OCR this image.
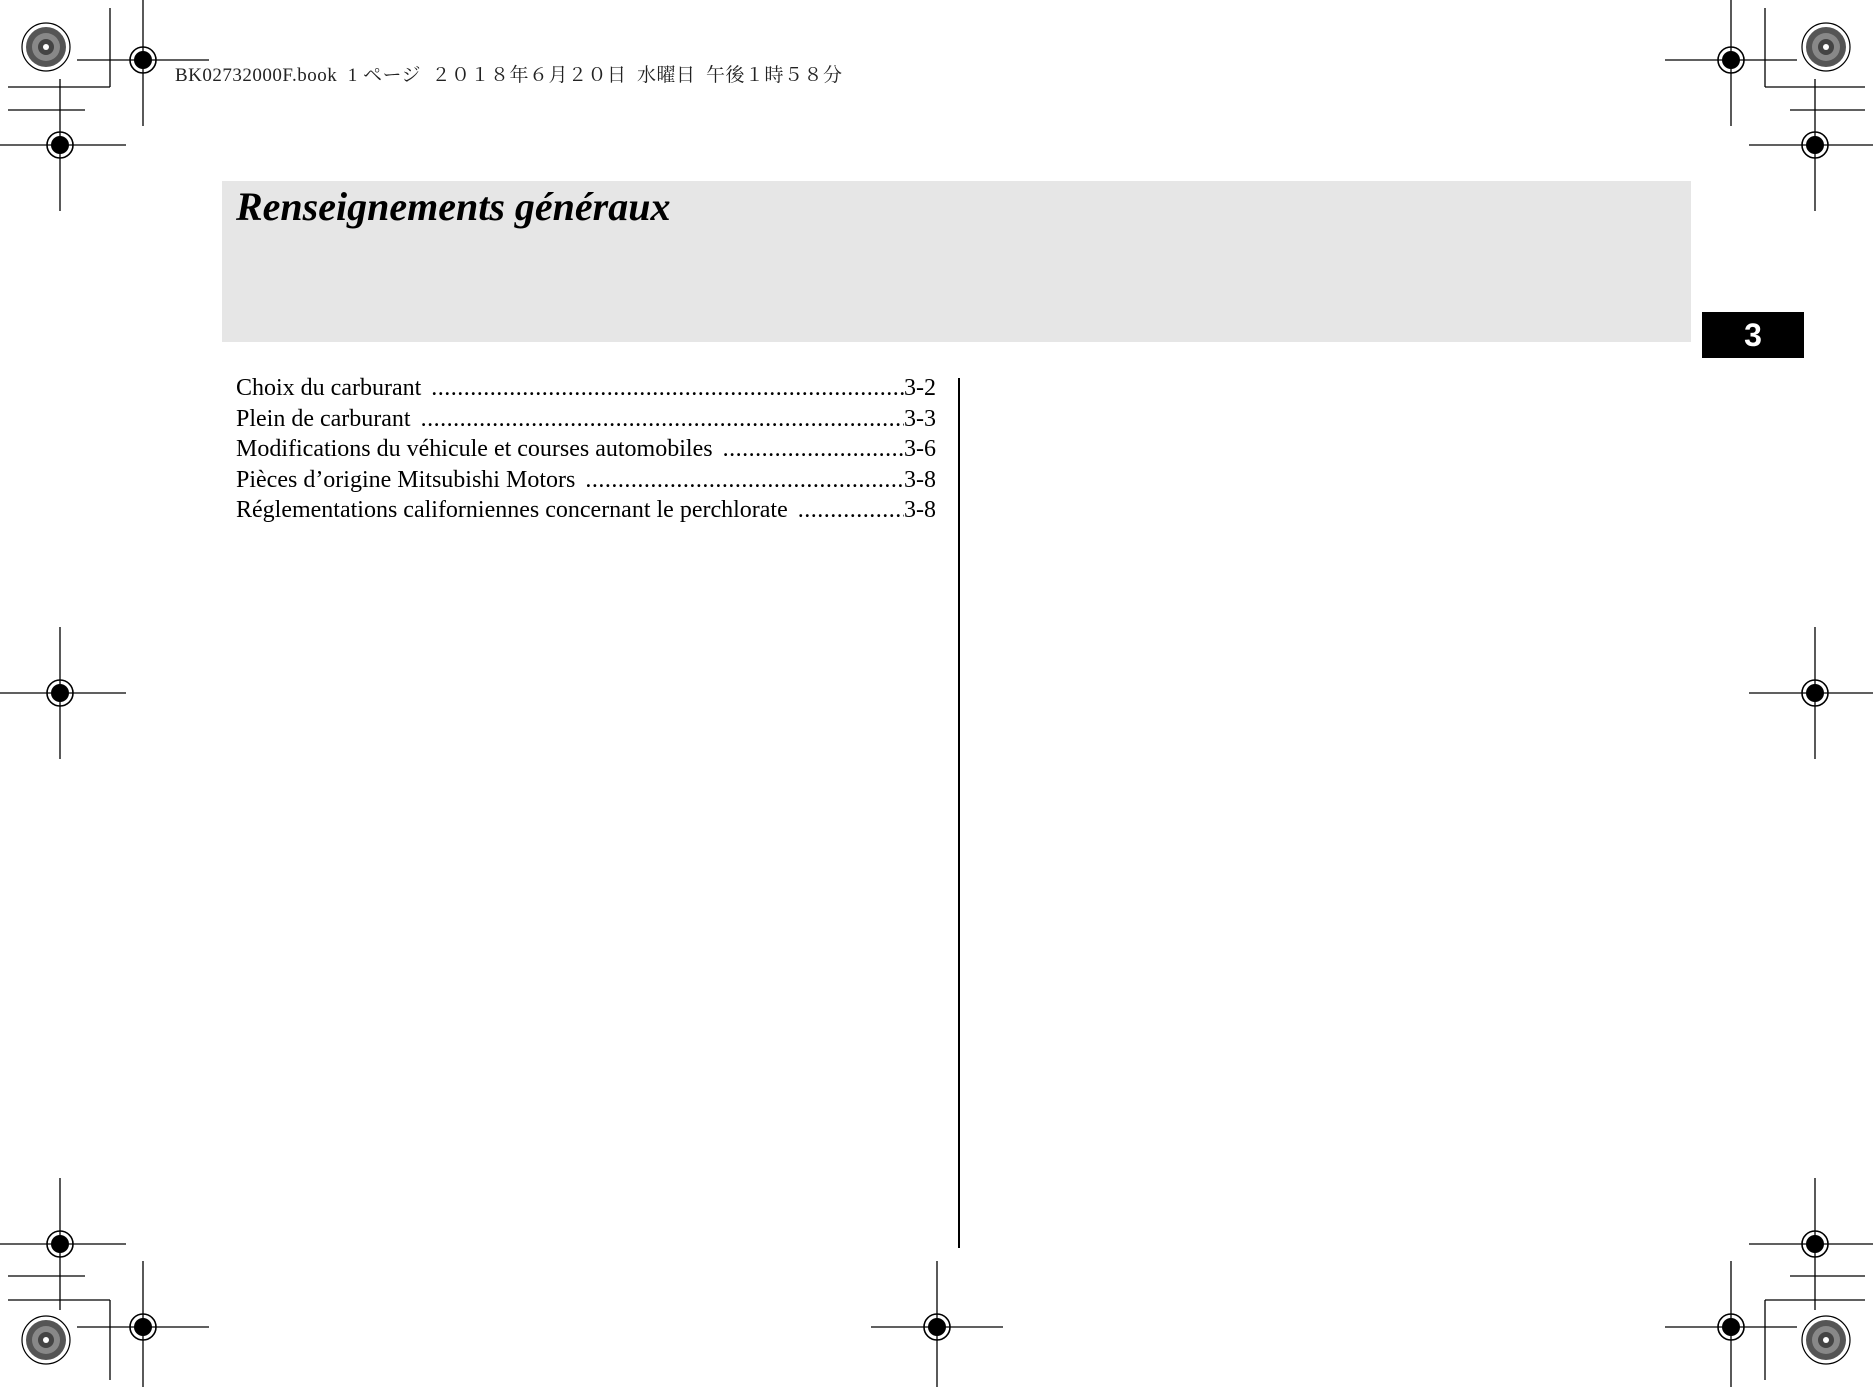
BK02732000F.book  1 ページ  ２０１８年６月２０日  水曜日  午後１時５８分
Renseignements généraux
3
Choix du carburant .....	3-2
Plein de carburant .....	3-3
Modifications du véhicule et courses automobiles .....	3-6
Pièces d’origine Mitsubishi Motors .....	3-8
Réglementations californiennes concernant le perchlorate .....	3-8
